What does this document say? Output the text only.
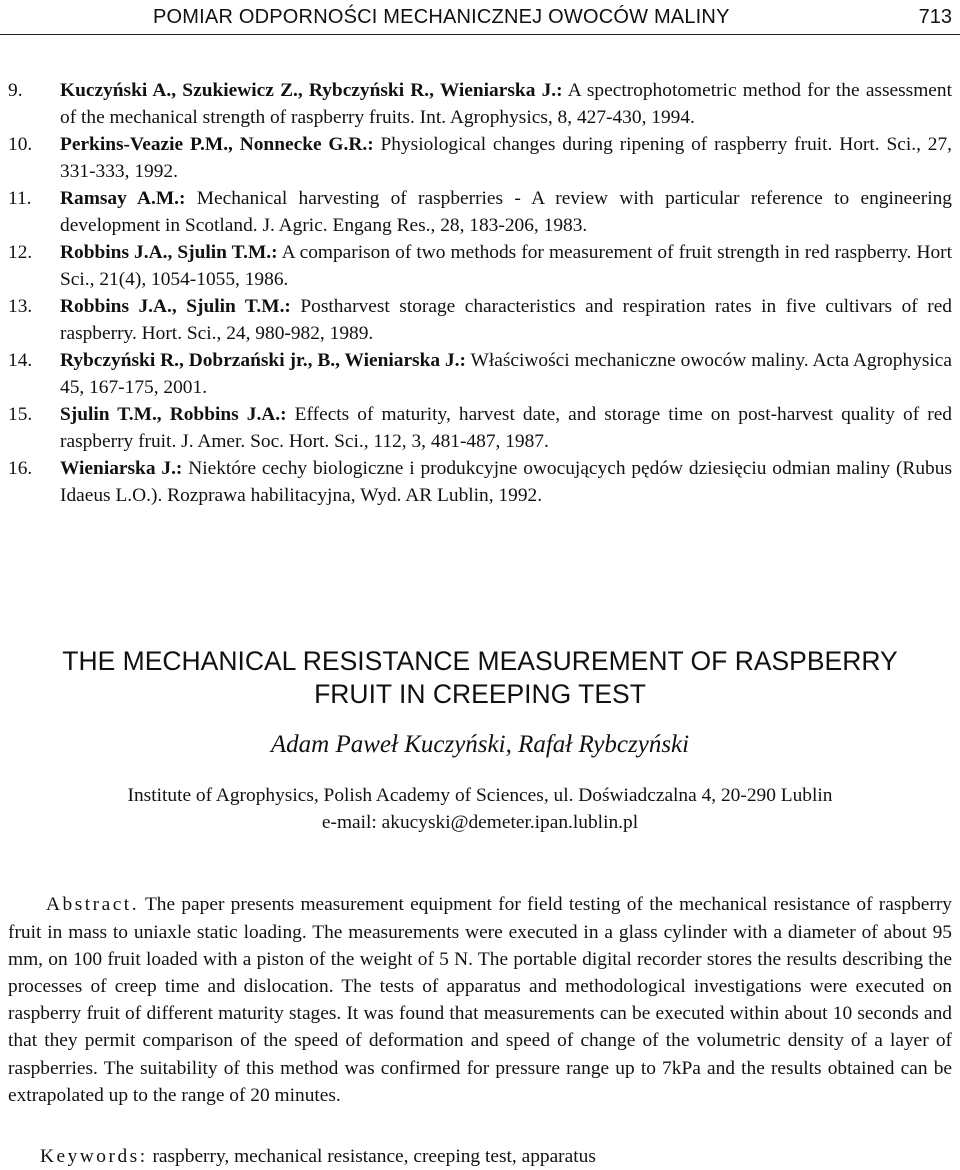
POMIAR ODPORNOŚCI MECHANICZNEJ OWOCÓW MALINY	713

9.	Kuczyński A., Szukiewicz Z., Rybczyński R., Wieniarska J.: A spectrophotometric method for the assessment of the mechanical strength of raspberry fruits. Int. Agrophysics, 8, 427-430, 1994.

10.	Perkins-Veazie P.M., Nonnecke G.R.: Physiological changes during ripening of raspberry fruit. Hort. Sci., 27, 331-333, 1992.

11.	Ramsay A.M.: Mechanical harvesting of raspberries - A review with particular reference to engineering development in Scotland. J. Agric. Engang Res., 28, 183-206, 1983.

12.	Robbins J.A., Sjulin T.M.: A comparison of two methods for measurement of fruit strength in red raspberry. Hort Sci., 21(4), 1054-1055, 1986.

13.	Robbins J.A., Sjulin T.M.: Postharvest storage characteristics and respiration rates in five cultivars of red raspberry. Hort. Sci., 24, 980-982, 1989.

14.	Rybczyński R., Dobrzański jr., B., Wieniarska J.: Właściwości mechaniczne owoców maliny. Acta Agrophysica 45, 167-175, 2001.

15.	Sjulin T.M., Robbins J.A.: Effects of maturity, harvest date, and storage time on post-harvest quality of red raspberry fruit. J. Amer. Soc. Hort. Sci., 112, 3, 481-487, 1987.

16.	Wieniarska J.: Niektóre cechy biologiczne i produkcyjne owocujących pędów dziesięciu odmian maliny (Rubus Idaeus L.O.). Rozprawa habilitacyjna, Wyd. AR Lublin, 1992.

THE MECHANICAL RESISTANCE MEASUREMENT OF RASPBERRY
FRUIT IN CREEPING TEST
Adam Paweł Kuczyński, Rafał Rybczyński
Institute of Agrophysics, Polish Academy of Sciences, ul. Doświadczalna 4, 20-290 Lublin
e-mail: akucyski@demeter.ipan.lublin.pl

Abstract. The paper presents measurement equipment for field testing of the mechanical resistance of raspberry fruit in mass to uniaxle static loading. The measurements were executed in a glass cylinder with a diameter of about 95 mm, on 100 fruit loaded with a piston of the weight of 5 N. The portable digital recorder stores the results describing the processes of creep time and dislocation. The tests of apparatus and methodological investigations were executed on raspberry fruit of different maturity stages. It was found that measurements can be executed within about 10 seconds and that they permit comparison of the speed of deformation and speed of change of the volumetric density of a layer of raspberries. The suitability of this method was confirmed for pressure range up to 7kPa and the results obtained can be extrapolated up to the range of 20 minutes.

Keywords: raspberry, mechanical resistance, creeping test, apparatus
